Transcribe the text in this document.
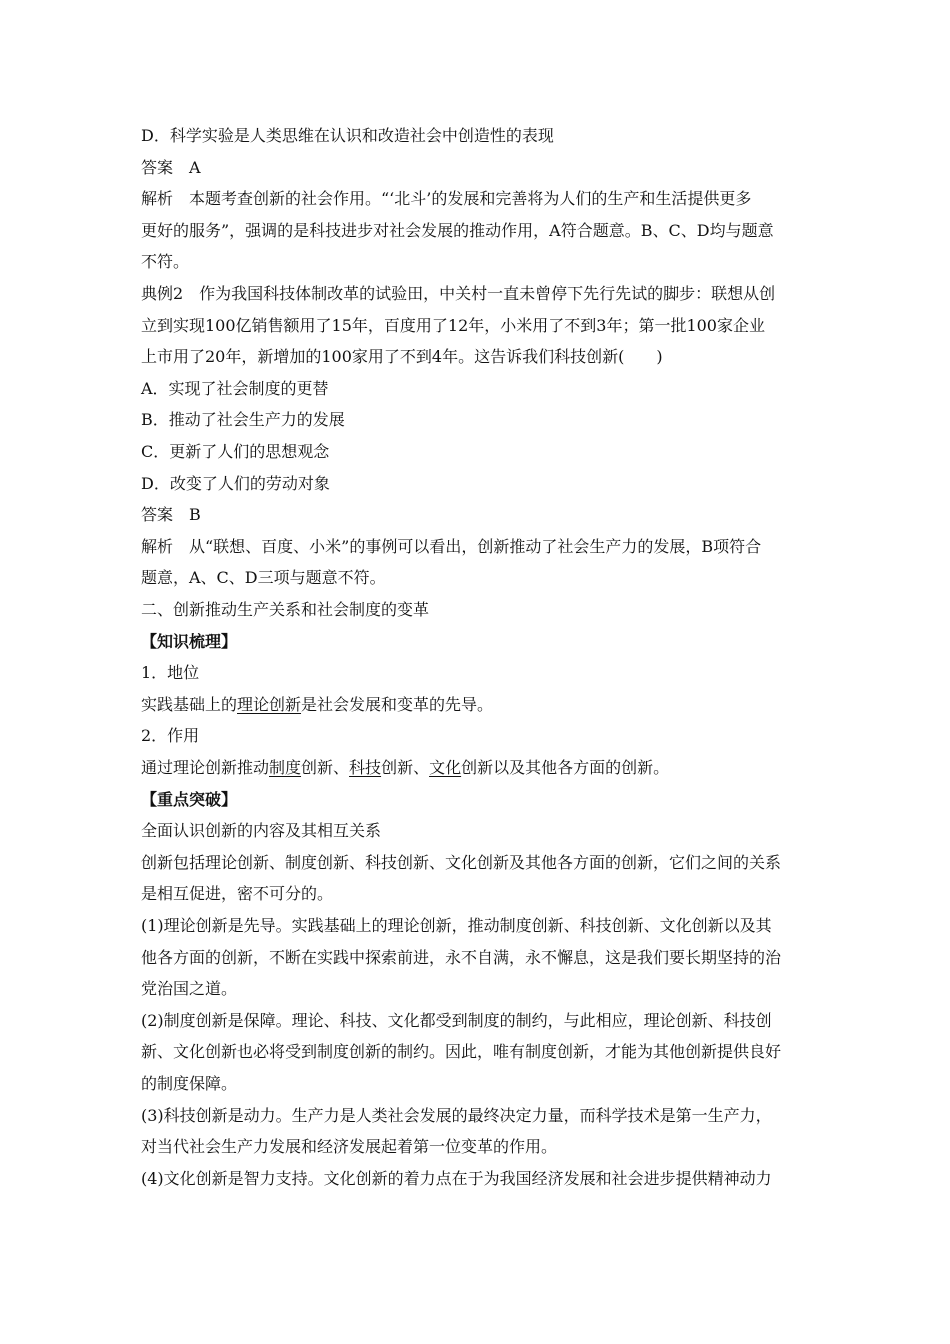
D．科学实验是人类思维在认识和改造社会中创造性的表现
答案　A
解析　本题考查创新的社会作用。“‘北斗’的发展和完善将为人们的生产和生活提供更多
更好的服务”，强调的是科技进步对社会发展的推动作用，A符合题意。B、C、D均与题意
不符。
典例2　作为我国科技体制改革的试验田，中关村一直未曾停下先行先试的脚步：联想从创
立到实现100亿销售额用了15年，百度用了12年，小米用了不到3年；第一批100家企业
上市用了20年，新增加的100家用了不到4年。这告诉我们科技创新(　　)
A．实现了社会制度的更替
B．推动了社会生产力的发展
C．更新了人们的思想观念
D．改变了人们的劳动对象
答案　B
解析　从“联想、百度、小米”的事例可以看出，创新推动了社会生产力的发展，B项符合
题意，A、C、D三项与题意不符。
二、创新推动生产关系和社会制度的变革
【知识梳理】
1．地位
实践基础上的理论创新是社会发展和变革的先导。
2．作用
通过理论创新推动制度创新、科技创新、文化创新以及其他各方面的创新。
【重点突破】
全面认识创新的内容及其相互关系
创新包括理论创新、制度创新、科技创新、文化创新及其他各方面的创新，它们之间的关系
是相互促进，密不可分的。
(1)理论创新是先导。实践基础上的理论创新，推动制度创新、科技创新、文化创新以及其
他各方面的创新，不断在实践中探索前进，永不自满，永不懈息，这是我们要长期坚持的治
党治国之道。
(2)制度创新是保障。理论、科技、文化都受到制度的制约，与此相应，理论创新、科技创
新、文化创新也必将受到制度创新的制约。因此，唯有制度创新，才能为其他创新提供良好
的制度保障。
(3)科技创新是动力。生产力是人类社会发展的最终决定力量，而科学技术是第一生产力，
对当代社会生产力发展和经济发展起着第一位变革的作用。
(4)文化创新是智力支持。文化创新的着力点在于为我国经济发展和社会进步提供精神动力
